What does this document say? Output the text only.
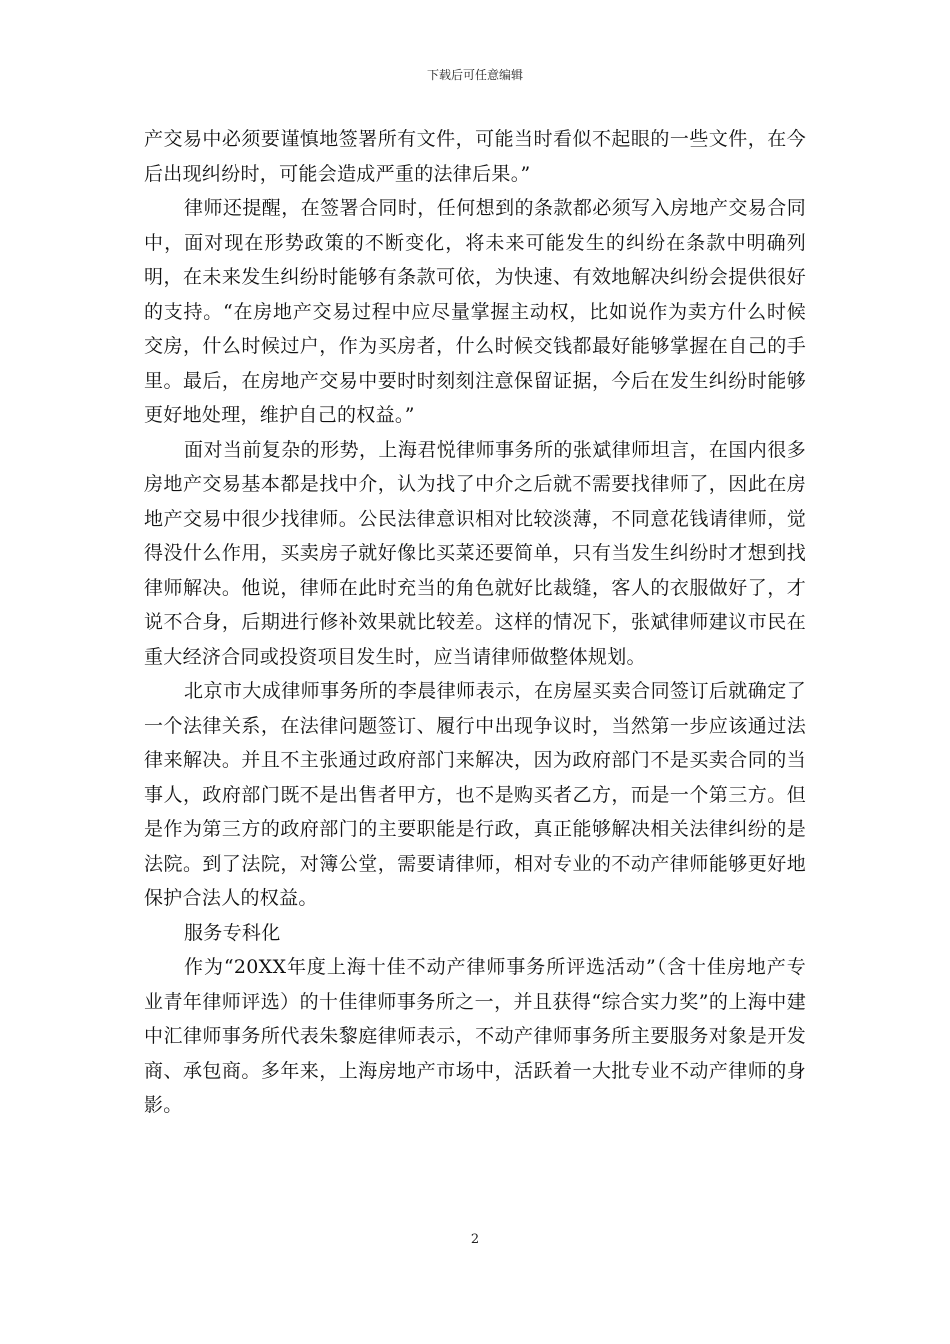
下载后可任意编辑

产交易中必须要谨慎地签署所有文件，可能当时看似不起眼的一些文件，在今后出现纠纷时，可能会造成严重的法律后果。”

律师还提醒，在签署合同时，任何想到的条款都必须写入房地产交易合同中，面对现在形势政策的不断变化，将未来可能发生的纠纷在条款中明确列明，在未来发生纠纷时能够有条款可依，为快速、有效地解决纠纷会提供很好的支持。“在房地产交易过程中应尽量掌握主动权，比如说作为卖方什么时候交房，什么时候过户，作为买房者，什么时候交钱都最好能够掌握在自己的手里。最后，在房地产交易中要时时刻刻注意保留证据，今后在发生纠纷时能够更好地处理，维护自己的权益。”

面对当前复杂的形势，上海君悦律师事务所的张斌律师坦言，在国内很多房地产交易基本都是找中介，认为找了中介之后就不需要找律师了，因此在房地产交易中很少找律师。公民法律意识相对比较淡薄，不同意花钱请律师，觉得没什么作用，买卖房子就好像比买菜还要简单，只有当发生纠纷时才想到找律师解决。他说，律师在此时充当的角色就好比裁缝，客人的衣服做好了，才说不合身，后期进行修补效果就比较差。这样的情况下，张斌律师建议市民在重大经济合同或投资项目发生时，应当请律师做整体规划。

北京市大成律师事务所的李晨律师表示，在房屋买卖合同签订后就确定了一个法律关系，在法律问题签订、履行中出现争议时，当然第一步应该通过法律来解决。并且不主张通过政府部门来解决，因为政府部门不是买卖合同的当事人，政府部门既不是出售者甲方，也不是购买者乙方，而是一个第三方。但是作为第三方的政府部门的主要职能是行政，真正能够解决相关法律纠纷的是法院。到了法院，对簿公堂，需要请律师，相对专业的不动产律师能够更好地保护合法人的权益。

服务专科化

作为“20XX年度上海十佳不动产律师事务所评选活动”（含十佳房地产专业青年律师评选）的十佳律师事务所之一，并且获得“综合实力奖”的上海中建中汇律师事务所代表朱黎庭律师表示，不动产律师事务所主要服务对象是开发商、承包商。多年来，上海房地产市场中，活跃着一大批专业不动产律师的身影。

2
